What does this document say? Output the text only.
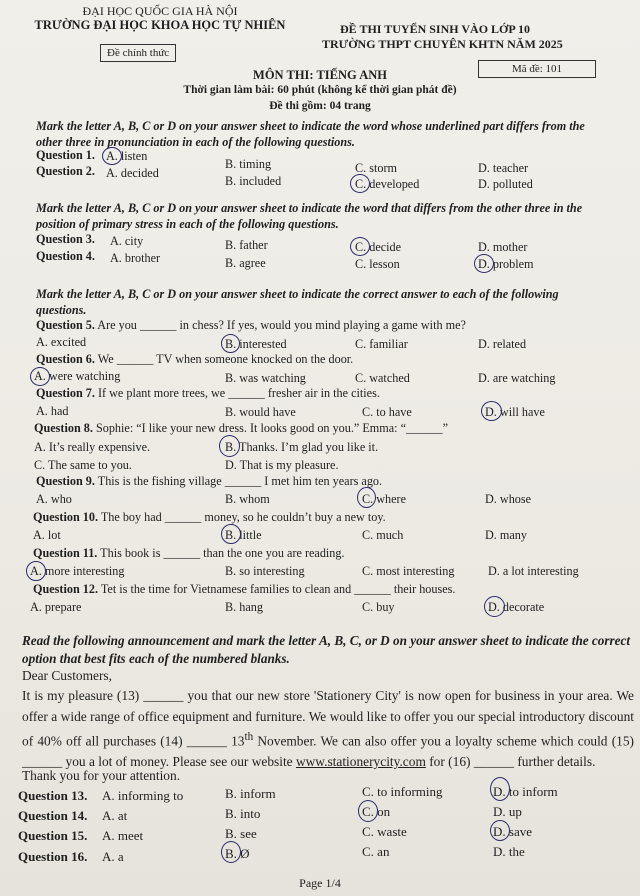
ĐẠI HỌC QUỐC GIA HÀ NỘI
TRƯỜNG ĐẠI HỌC KHOA HỌC TỰ NHIÊN
Đề chính thức
ĐỀ THI TUYỂN SINH VÀO LỚP 10
TRƯỜNG THPT CHUYÊN KHTN NĂM 2025
Mã đề: 101
MÔN THI: TIẾNG ANH
Thời gian làm bài: 60 phút (không kể thời gian phát đề)
Đề thi gồm: 04 trang
Mark the letter A, B, C or D on your answer sheet to indicate the word whose underlined part differs from the other three in pronunciation in each of the following questions.
Question 1. A. listen
B. timing	C. storm	D. teacher
Question 2. A. decided
B. included	C. developed	D. polluted
Mark the letter A, B, C or D on your answer sheet to indicate the word that differs from the other three in the position of primary stress in each of the following questions.
Question 3. A. city	B. father	C. decide	D. mother
Question 4. A. brother	B. agree	C. lesson	D. problem
Mark the letter A, B, C or D on your answer sheet to indicate the correct answer to each of the following questions.
Question 5. Are you ______ in chess? If yes, would you mind playing a game with me?
A. excited	B. interested	C. familiar	D. related
Question 6. We ______ TV when someone knocked on the door.
A. were watching	B. was watching	C. watched	D. are watching
Question 7. If we plant more trees, we ______ fresher air in the cities.
A. had	B. would have	C. to have	D. will have
Question 8. Sophie: “I like your new dress. It looks good on you.” Emma: “______”
A. It’s really expensive.	B. Thanks. I’m glad you like it.
C. The same to you.	D. That is my pleasure.
Question 9. This is the fishing village ______ I met him ten years ago.
A. who	B. whom	C. where	D. whose
Question 10. The boy had ______ money, so he couldn’t buy a new toy.
A. lot	B. little	C. much	D. many
Question 11. This book is ______ than the one you are reading.
A. more interesting	B. so interesting	C. most interesting	D. a lot interesting
Question 12. Tet is the time for Vietnamese families to clean and ______ their houses.
A. prepare	B. hang	C. buy	D. decorate
Read the following announcement and mark the letter A, B, C, or D on your answer sheet to indicate the correct option that best fits each of the numbered blanks.
Dear Customers,
It is my pleasure (13) ______ you that our new store 'Stationery City' is now open for business in your area. We offer a wide range of office equipment and furniture. We would like to offer you our special introductory discount of 40% off all purchases (14) ______ 13th November. We can also offer you a loyalty scheme which could (15) ______ you a lot of money. Please see our website www.stationerycity.com for (16) ______ further details.
Thank you for your attention.
Question 13. A. informing to	B. inform	C. to informing	D. to inform
Question 14. A. at	B. into	C. on	D. up
Question 15. A. meet	B. see	C. waste	D. save
Question 16. A. a	B. Ø	C. an	D. the
Page 1/4
